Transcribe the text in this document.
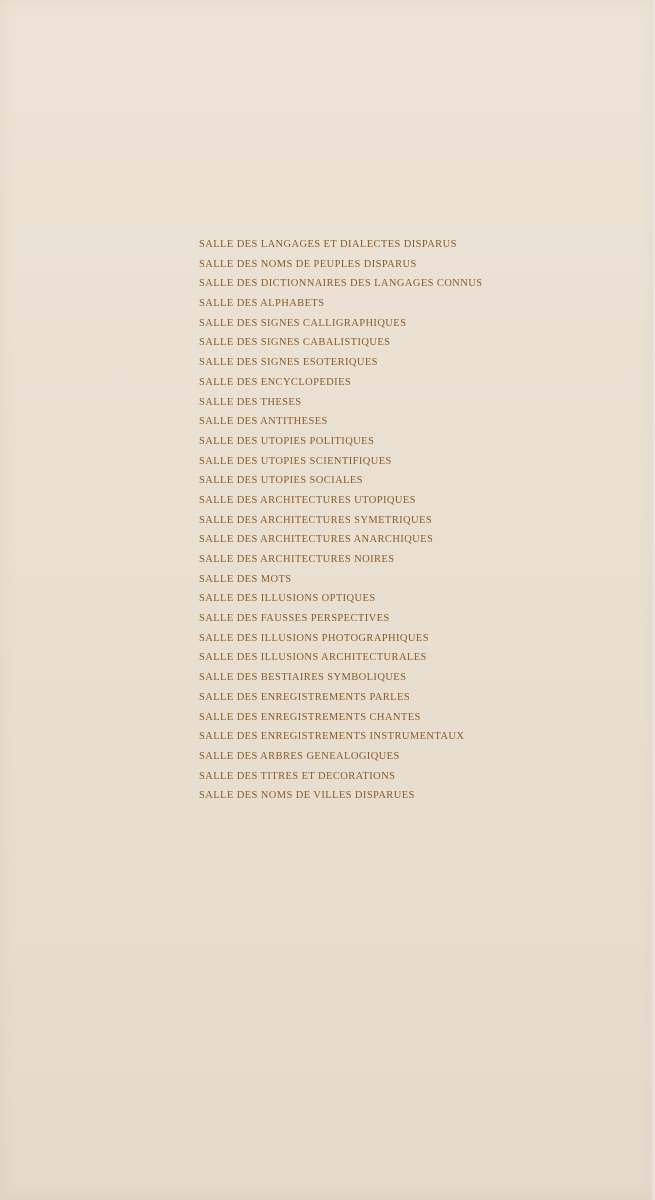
SALLE DES LANGAGES ET DIALECTES DISPARUS
SALLE DES NOMS DE PEUPLES DISPARUS
SALLE DES DICTIONNAIRES DES LANGAGES CONNUS
SALLE DES ALPHABETS
SALLE DES SIGNES CALLIGRAPHIQUES
SALLE DES SIGNES CABALISTIQUES
SALLE DES SIGNES ESOTERIQUES
SALLE DES ENCYCLOPEDIES
SALLE DES THESES
SALLE DES ANTITHESES
SALLE DES UTOPIES POLITIQUES
SALLE DES UTOPIES SCIENTIFIQUES
SALLE DES UTOPIES SOCIALES
SALLE DES ARCHITECTURES UTOPIQUES
SALLE DES ARCHITECTURES SYMETRIQUES
SALLE DES ARCHITECTURES ANARCHIQUES
SALLE DES ARCHITECTURES NOIRES
SALLE DES MOTS
SALLE DES ILLUSIONS OPTIQUES
SALLE DES FAUSSES PERSPECTIVES
SALLE DES ILLUSIONS PHOTOGRAPHIQUES
SALLE DES ILLUSIONS ARCHITECTURALES
SALLE DES BESTIAIRES SYMBOLIQUES
SALLE DES ENREGISTREMENTS PARLES
SALLE DES ENREGISTREMENTS CHANTES
SALLE DES ENREGISTREMENTS INSTRUMENTAUX
SALLE DES ARBRES GENEALOGIQUES
SALLE DES TITRES ET DECORATIONS
SALLE DES NOMS DE VILLES DISPARUES
